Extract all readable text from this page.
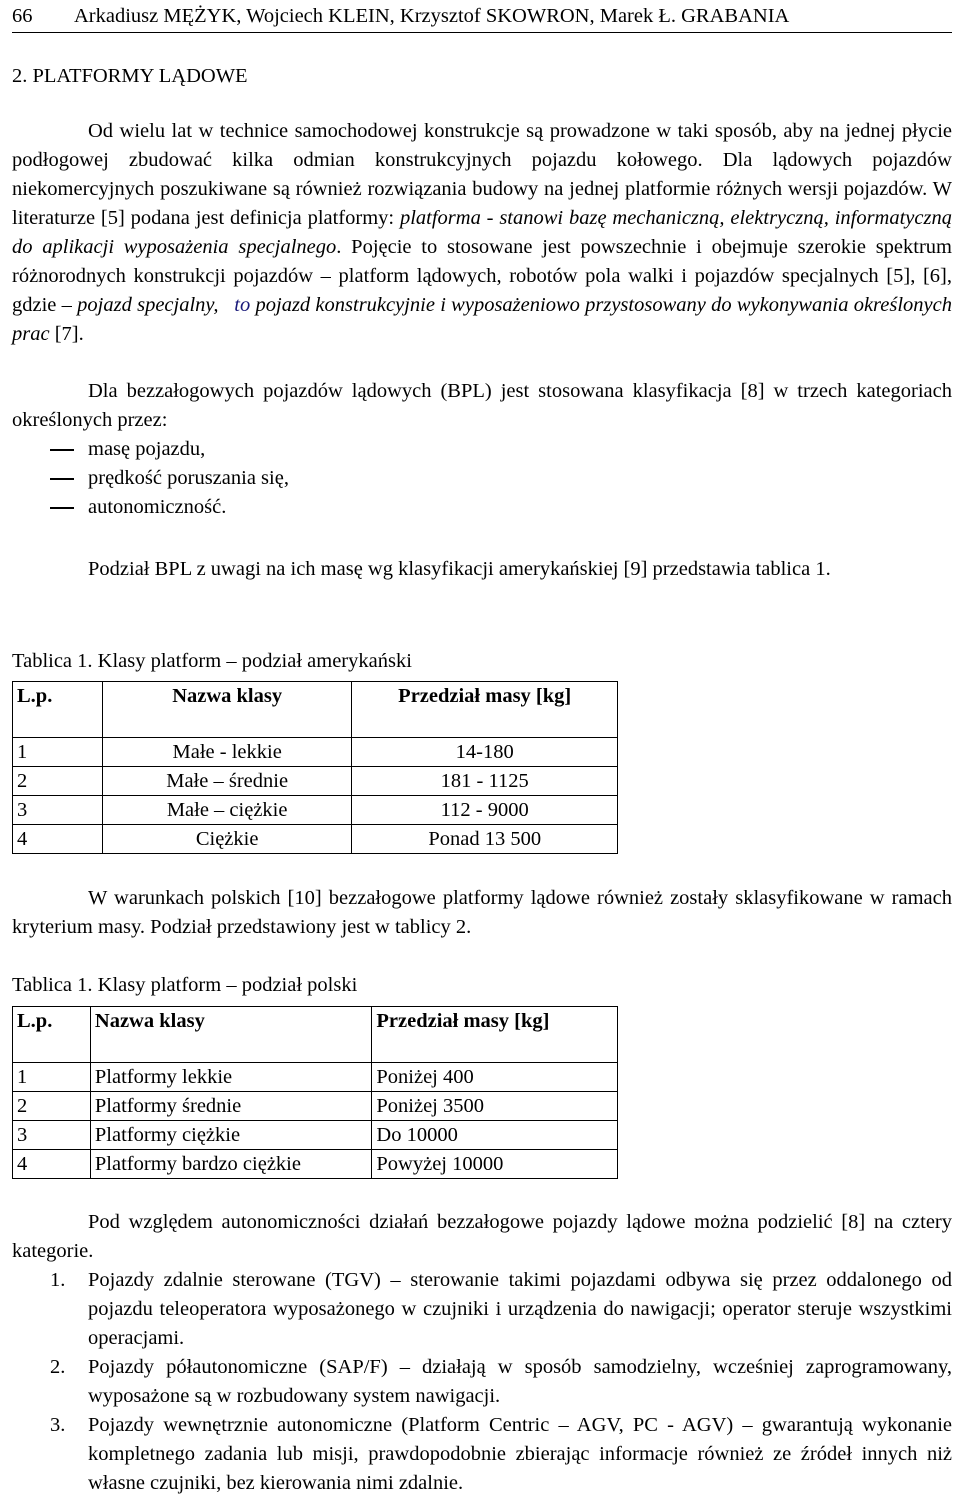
66 Arkadiusz MĘŻYK, Wojciech KLEIN, Krzysztof SKOWRON, Marek Ł. GRABANIA
2. PLATFORMY LĄDOWE

Od wielu lat w technice samochodowej konstrukcje są prowadzone w taki sposób, aby na jednej płycie podłogowej zbudować kilka odmian konstrukcyjnych pojazdu kołowego. Dla lądowych pojazdów niekomercyjnych poszukiwane są również rozwiązania budowy na jednej platformie różnych wersji pojazdów. W literaturze [5] podana jest definicja platformy: platforma - stanowi bazę mechaniczną, elektryczną, informatyczną do aplikacji wyposażenia specjalnego. Pojęcie to stosowane jest powszechnie i obejmuje szerokie spektrum różnorodnych konstrukcji pojazdów – platform lądowych, robotów pola walki i pojazdów specjalnych [5], [6], gdzie – pojazd specjalny, to pojazd konstrukcyjnie i wyposażeniowo przystosowany do wykonywania określonych prac [7].

Dla bezzałogowych pojazdów lądowych (BPL) jest stosowana klasyfikacja [8] w trzech kategoriach określonych przez:

masę pojazdu,
prędkość poruszania się,
autonomiczność.

Podział BPL z uwagi na ich masę wg klasyfikacji amerykańskiej [9] przedstawia tablica 1.

Tablica 1. Klasy platform – podział amerykański
L.p.	Nazwa klasy	Przedział masy [kg]
1	Małe - lekkie	14-180
2	Małe – średnie	181 - 1125
3	Małe – ciężkie	112 - 9000
4	Ciężkie	Ponad 13 500

W warunkach polskich [10] bezzałogowe platformy lądowe również zostały sklasyfikowane w ramach kryterium masy. Podział przedstawiony jest w tablicy 2.

Tablica 1. Klasy platform – podział polski
L.p.	Nazwa klasy	Przedział masy [kg]
1	Platformy lekkie	Poniżej 400
2	Platformy średnie	Poniżej 3500
3	Platformy ciężkie	Do 10000
4	Platformy bardzo ciężkie	Powyżej 10000

Pod względem autonomiczności działań bezzałogowe pojazdy lądowe można podzielić [8] na cztery kategorie.

1. Pojazdy zdalnie sterowane (TGV) – sterowanie takimi pojazdami odbywa się przez oddalonego od pojazdu teleoperatora wyposażonego w czujniki i urządzenia do nawigacji; operator steruje wszystkimi operacjami.
2. Pojazdy półautonomiczne (SAP/F) – działają w sposób samodzielny, wcześniej zaprogramowany, wyposażone są w rozbudowany system nawigacji.
3. Pojazdy wewnętrznie autonomiczne (Platform Centric – AGV, PC - AGV) – gwarantują wykonanie kompletnego zadania lub misji, prawdopodobnie zbierając informacje również ze źródeł innych niż własne czujniki, bez kierowania nimi zdalnie.
